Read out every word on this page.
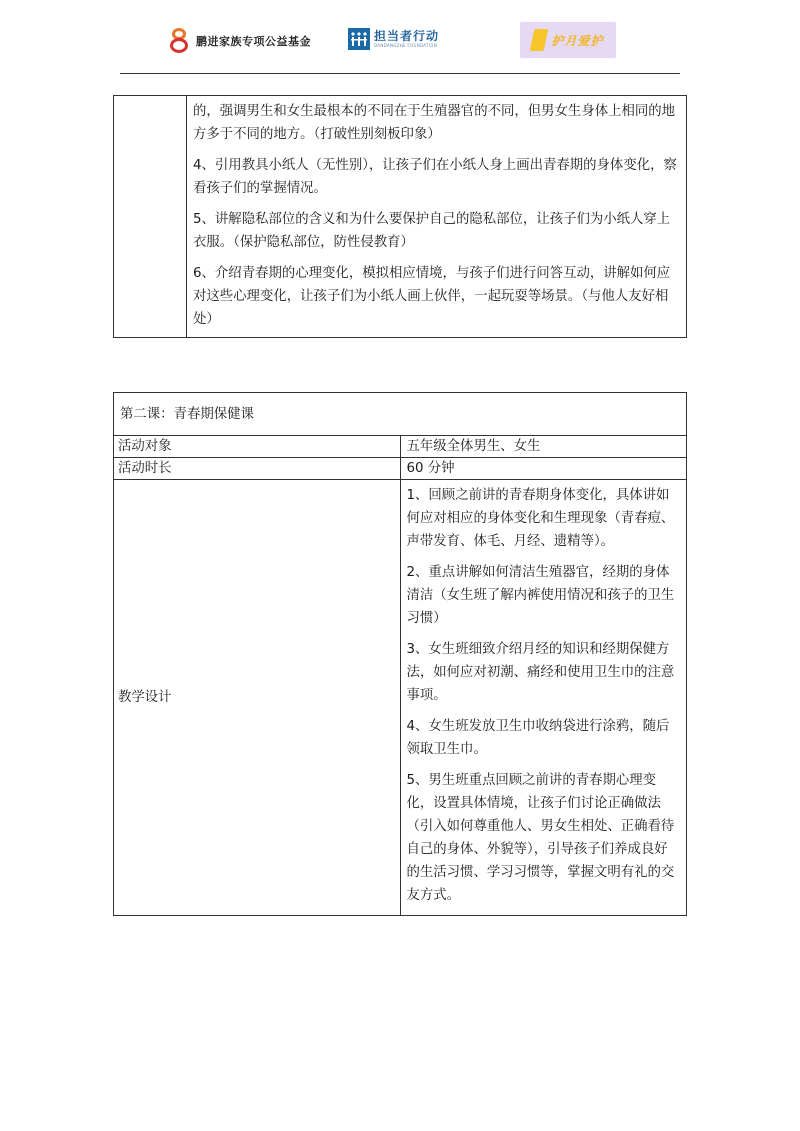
鹏进家族专项公益基金	担当者行动
DANDANGZHE FOUNDATION	护月爱护

的，强调男生和女生最根本的不同在于生殖器官的不同，但男女生身体上相同的地方多于不同的地方。（打破性别刻板印象）

4、引用教具小纸人（无性别），让孩子们在小纸人身上画出青春期的身体变化，察看孩子们的掌握情况。

5、讲解隐私部位的含义和为什么要保护自己的隐私部位，让孩子们为小纸人穿上衣服。（保护隐私部位，防性侵教育）

6、介绍青春期的心理变化，模拟相应情境，与孩子们进行问答互动，讲解如何应对这些心理变化，让孩子们为小纸人画上伙伴，一起玩耍等场景。（与他人友好相处）

第二课：青春期保健课	
活动对象	五年级全体男生、女生
活动时长	60 分钟
教学设计	1、回顾之前讲的青春期身体变化，具体讲如何应对相应的身体变化和生理现象（青春痘、声带发育、体毛、月经、遗精等）。

2、重点讲解如何清洁生殖器官，经期的身体清洁（女生班了解内裤使用情况和孩子的卫生习惯）

3、女生班细致介绍月经的知识和经期保健方法，如何应对初潮、痛经和使用卫生巾的注意事项。

4、女生班发放卫生巾收纳袋进行涂鸦，随后领取卫生巾。

5、男生班重点回顾之前讲的青春期心理变化，设置具体情境，让孩子们讨论正确做法（引入如何尊重他人、男女生相处、正确看待自己的身体、外貌等），引导孩子们养成良好的生活习惯、学习习惯等，掌握文明有礼的交友方式。
